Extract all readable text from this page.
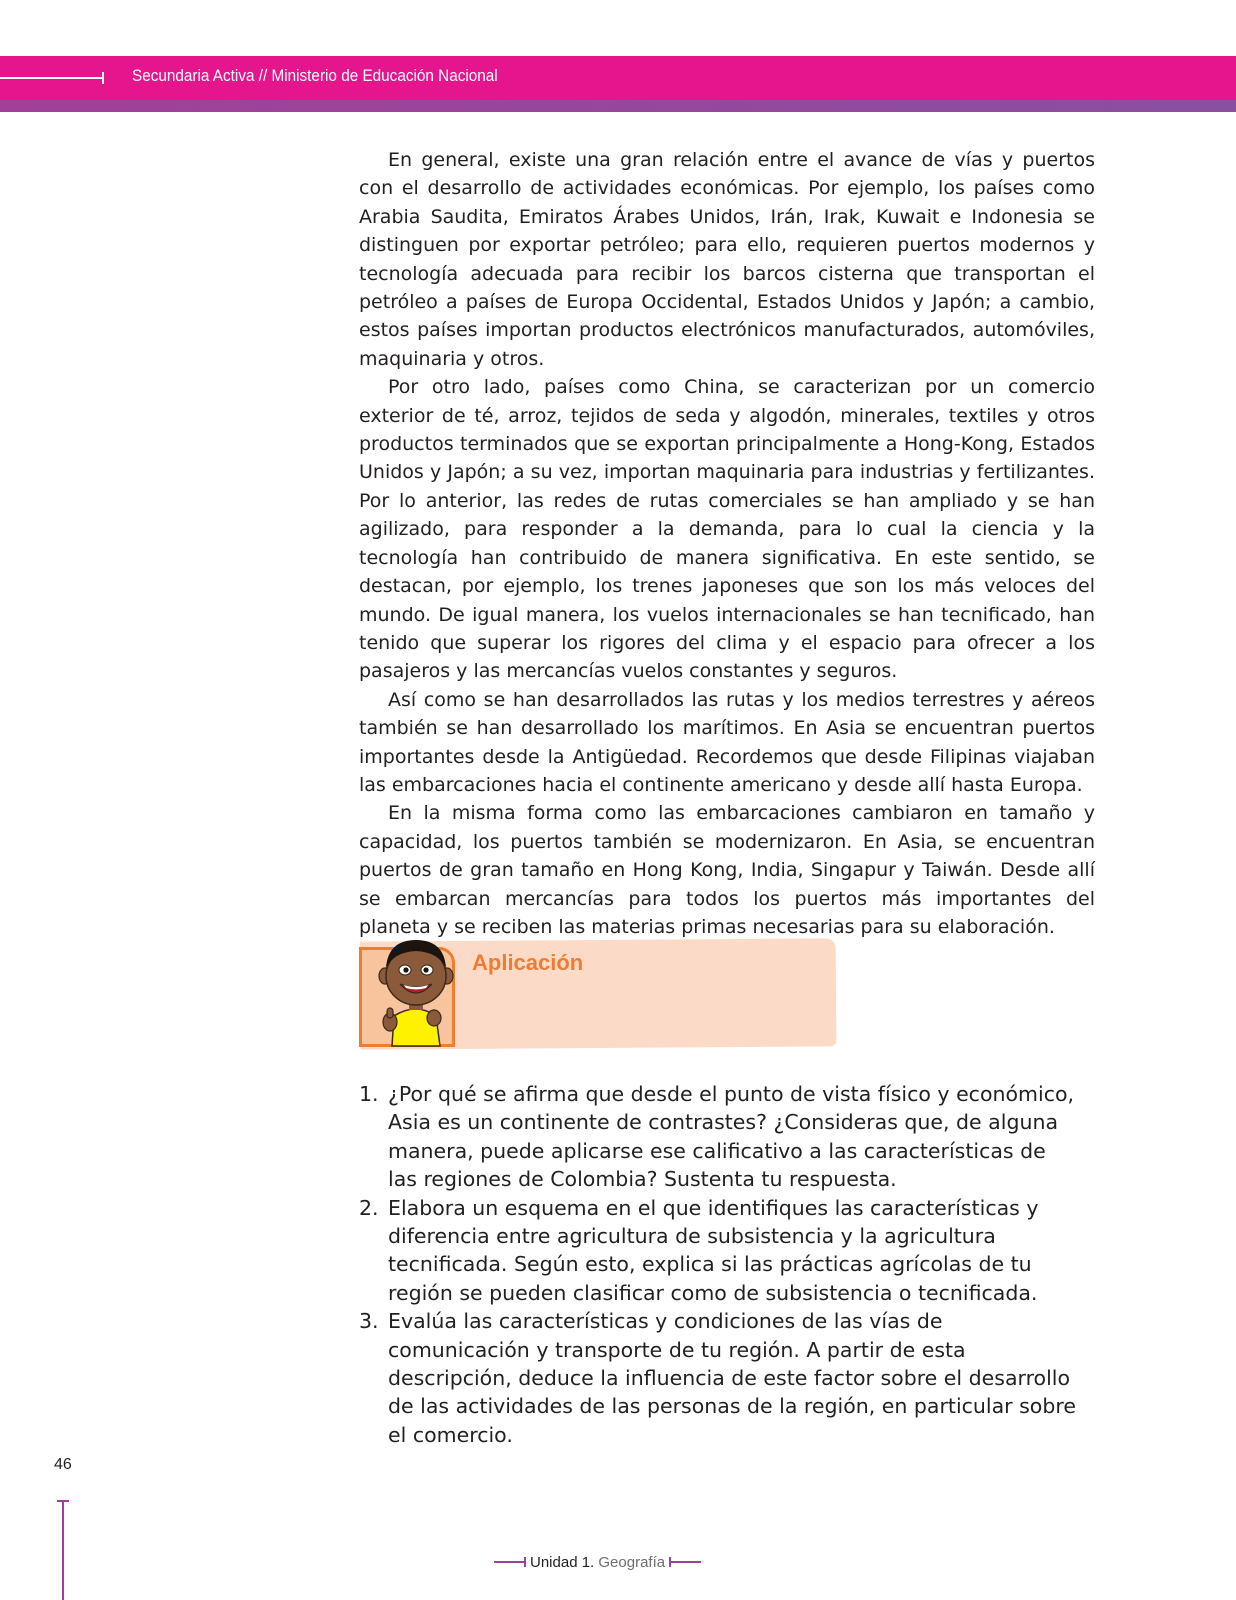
Secundaria Activa // Ministerio de Educación Nacional

En general, existe una gran relación entre el avance de vías y puertos con el desarrollo de actividades económicas. Por ejemplo, los países como Arabia Saudita, Emiratos Árabes Unidos, Irán, Irak, Kuwait e Indonesia se distinguen por exportar petróleo; para ello, requieren puertos modernos y tecnología adecuada para recibir los barcos cisterna que transportan el petróleo a países de Europa Occidental, Estados Unidos y Japón; a cambio, estos países importan productos electrónicos manufacturados, automóviles, maquinaria y otros.

Por otro lado, países como China, se caracterizan por un comercio exterior de té, arroz, tejidos de seda y algodón, minerales, textiles y otros productos terminados que se exportan principalmente a Hong-Kong, Estados Unidos y Japón; a su vez, importan maquinaria para industrias y fertilizantes. Por lo anterior, las redes de rutas comerciales se han ampliado y se han agilizado, para responder a la demanda, para lo cual la ciencia y la tecnología han contribuido de manera significativa. En este sentido, se destacan, por ejemplo, los trenes japoneses que son los más veloces del mundo. De igual manera, los vuelos internacionales se han tecnificado, han tenido que superar los rigores del clima y el espacio para ofrecer a los pasajeros y las mercancías vuelos constantes y seguros.

Así como se han desarrollados las rutas y los medios terrestres y aéreos también se han desarrollado los marítimos. En Asia se encuentran puertos importantes desde la Antigüedad. Recordemos que desde Filipinas viajaban las embarcaciones hacia el continente americano y desde allí hasta Europa.

En la misma forma como las embarcaciones cambiaron en tamaño y capacidad, los puertos también se modernizaron. En Asia, se encuentran puertos de gran tamaño en Hong Kong, India, Singapur y Taiwán. Desde allí se embarcan mercancías para todos los puertos más importantes del planeta y se reciben las materias primas necesarias para su elaboración.

Aplicación
1. ¿Por qué se afirma que desde el punto de vista físico y económico, Asia es un continente de contrastes? ¿Consideras que, de alguna manera, puede aplicarse ese calificativo a las características de las regiones de Colombia? Sustenta tu respuesta.
2. Elabora un esquema en el que identifiques las características y diferencia entre agricultura de subsistencia y la agricultura tecnificada. Según esto, explica si las prácticas agrícolas de tu región se pueden clasificar como de subsistencia o tecnificada.
3. Evalúa las características y condiciones de las vías de comunicación y transporte de tu región. A partir de esta descripción, deduce la influencia de este factor sobre el desarrollo de las actividades de las personas de la región, en particular sobre el comercio.
46
Unidad 1.
Geografía
